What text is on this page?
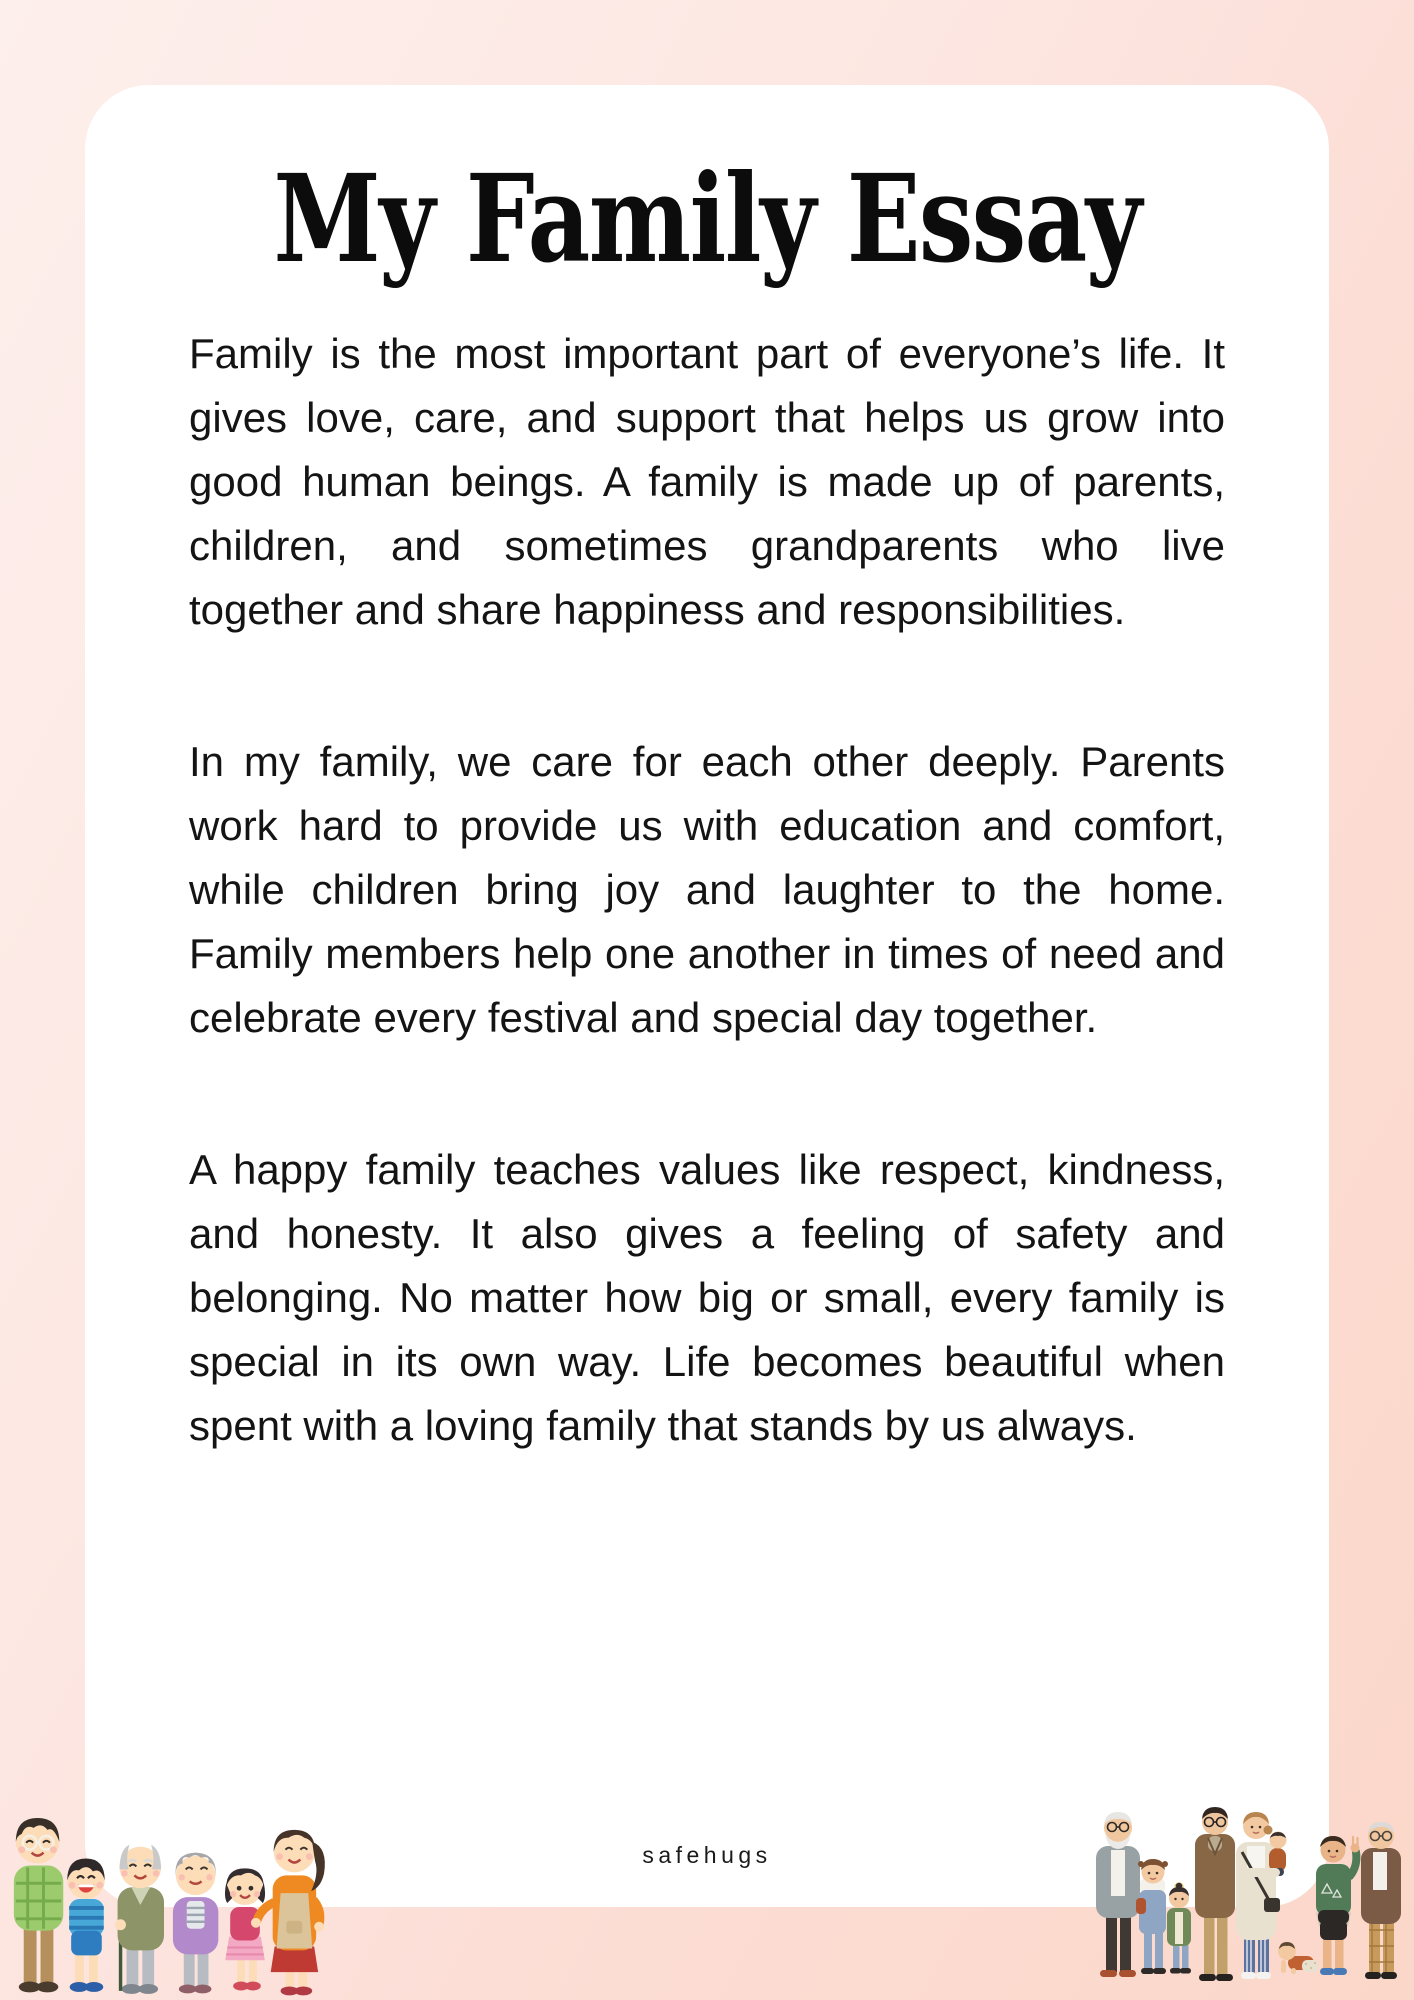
My Family Essay

Family is the most important part of everyone’s life. It gives love, care, and support that helps us grow into good human beings. A family is made up of parents, children, and sometimes grandparents who live together and share happiness and responsibilities.

In my family, we care for each other deeply. Parents work hard to provide us with education and comfort, while children bring joy and laughter to the home. Family members help one another in times of need and celebrate every festival and special day together.

A happy family teaches values like respect, kindness, and honesty. It also gives a feeling of safety and belonging. No matter how big or small, every family is special in its own way. Life becomes beautiful when spent with a loving family that stands by us always.

safehugs
